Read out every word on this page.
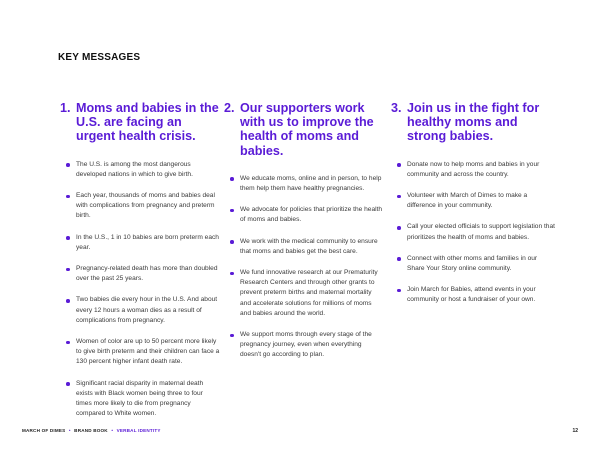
KEY MESSAGES
1. Moms and babies in the U.S. are facing an urgent health crisis.
The U.S. is among the most dangerous developed nations in which to give birth.
Each year, thousands of moms and babies deal with complications from pregnancy and preterm birth.
In the U.S., 1 in 10 babies are born preterm each year.
Pregnancy-related death has more than doubled over the past 25 years.
Two babies die every hour in the U.S. And about every 12 hours a woman dies as a result of complications from pregnancy.
Women of color are up to 50 percent more likely to give birth preterm and their children can face a 130 percent higher infant death rate.
Significant racial disparity in maternal death exists with Black women being three to four times more likely to die from pregnancy compared to White women.
2. Our supporters work with us to improve the health of moms and babies.
We educate moms, online and in person, to help them help them have healthy pregnancies.
We advocate for policies that prioritize the health of moms and babies.
We work with the medical community to ensure that moms and babies get the best care.
We fund innovative research at our Prematurity Research Centers and through other grants to prevent preterm births and maternal mortality and accelerate solutions for millions of moms and babies around the world.
We support moms through every stage of the pregnancy journey, even when everything doesn't go according to plan.
3. Join us in the fight for healthy moms and strong babies.
Donate now to help moms and babies in your community and across the country.
Volunteer with March of Dimes to make a difference in your community.
Call your elected officials to support legislation that prioritizes the health of moms and babies.
Connect with other moms and families in our Share Your Story online community.
Join March for Babies, attend events in your community or host a fundraiser of your own.
MARCH OF DIMES • BRAND BOOK • VERBAL IDENTITY	12
